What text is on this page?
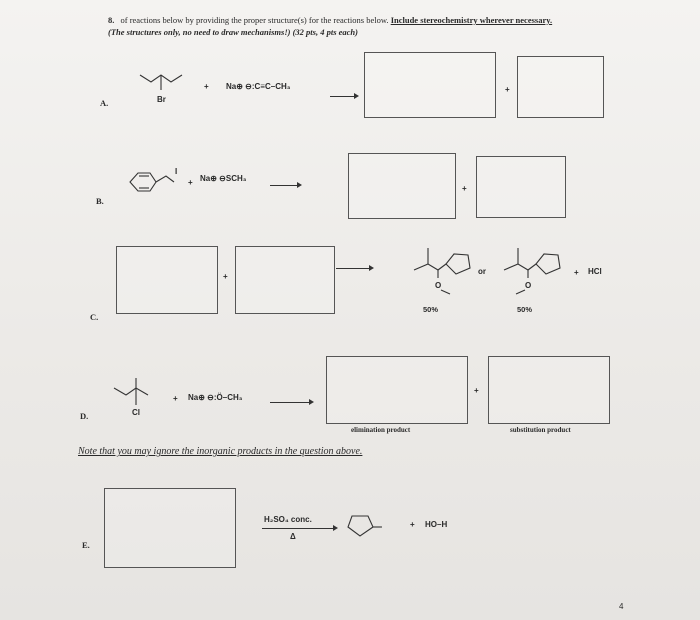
8. of reactions below by providing the proper structure(s) for the reactions below. Include stereochemistry wherever necessary.
(The structures only, no need to draw mechanisms!) (32 pts, 4 pts each)
A.	Br
+ Na⊕ ⊖:C≡C–CH₃	+
B.
I
+ Na⊕ ⊖SCH₃
+
C.
+
O
or
O
+ HCl
50%	50%
D.	Cl
+ Na⊕ ⊖:Ö–CH₃
elimination product
+
substitution product
Note that you may ignore the inorganic products in the question above.
E.
H₂SO₄ conc.
Δ
+ HO–H
4
